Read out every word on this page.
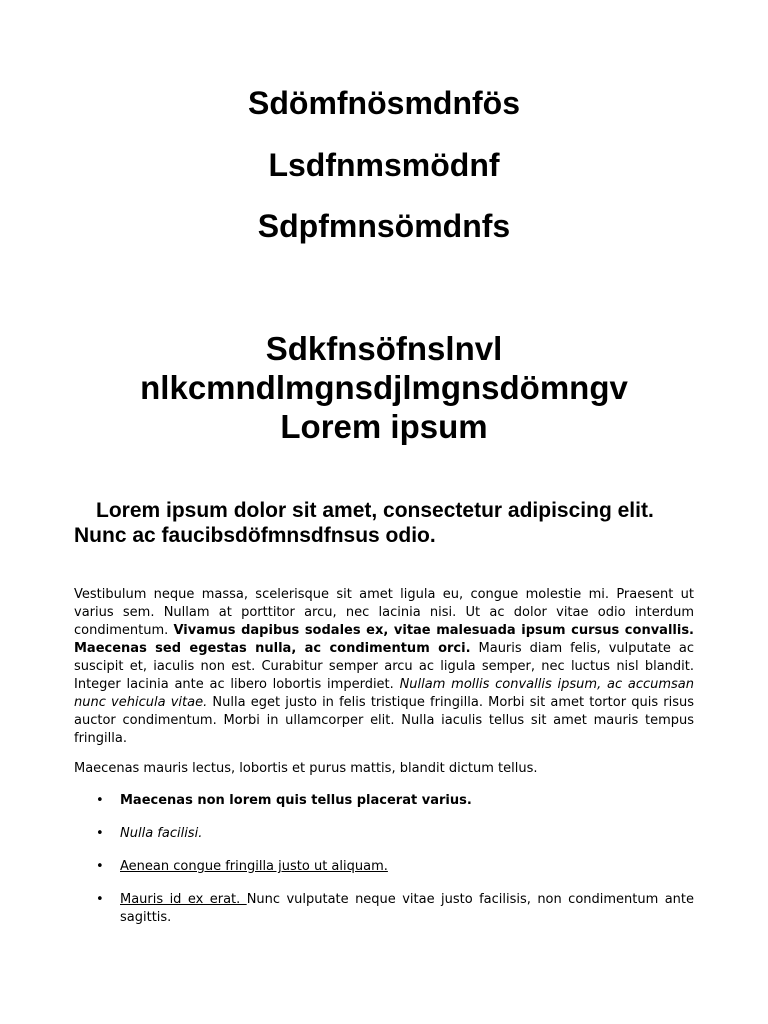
Sdömfnösmdnfös
Lsdfnmsmödnf
Sdpfmnsömdnfs
Sdkfnsöfnslnvl
nlkcmndlmgnsdjlmgnsdömngv
Lorem ipsum

Lorem ipsum dolor sit amet, consectetur adipiscing elit. Nunc ac faucibsdöfmnsdfnsus odio.

Vestibulum neque massa, scelerisque sit amet ligula eu, congue molestie mi. Praesent ut varius sem. Nullam at porttitor arcu, nec lacinia nisi. Ut ac dolor vitae odio interdum condimentum. Vivamus dapibus sodales ex, vitae malesuada ipsum cursus convallis. Maecenas sed egestas nulla, ac condimentum orci. Mauris diam felis, vulputate ac suscipit et, iaculis non est. Curabitur semper arcu ac ligula semper, nec luctus nisl blandit. Integer lacinia ante ac libero lobortis imperdiet. Nullam mollis convallis ipsum, ac accumsan nunc vehicula vitae. Nulla eget justo in felis tristique fringilla. Morbi sit amet tortor quis risus auctor condimentum. Morbi in ullamcorper elit. Nulla iaculis tellus sit amet mauris tempus fringilla.

Maecenas mauris lectus, lobortis et purus mattis, blandit dictum tellus.

• Maecenas non lorem quis tellus placerat varius.
• Nulla facilisi.
• Aenean congue fringilla justo ut aliquam.
• Mauris id ex erat. Nunc vulputate neque vitae justo facilisis, non condimentum ante sagittis.
